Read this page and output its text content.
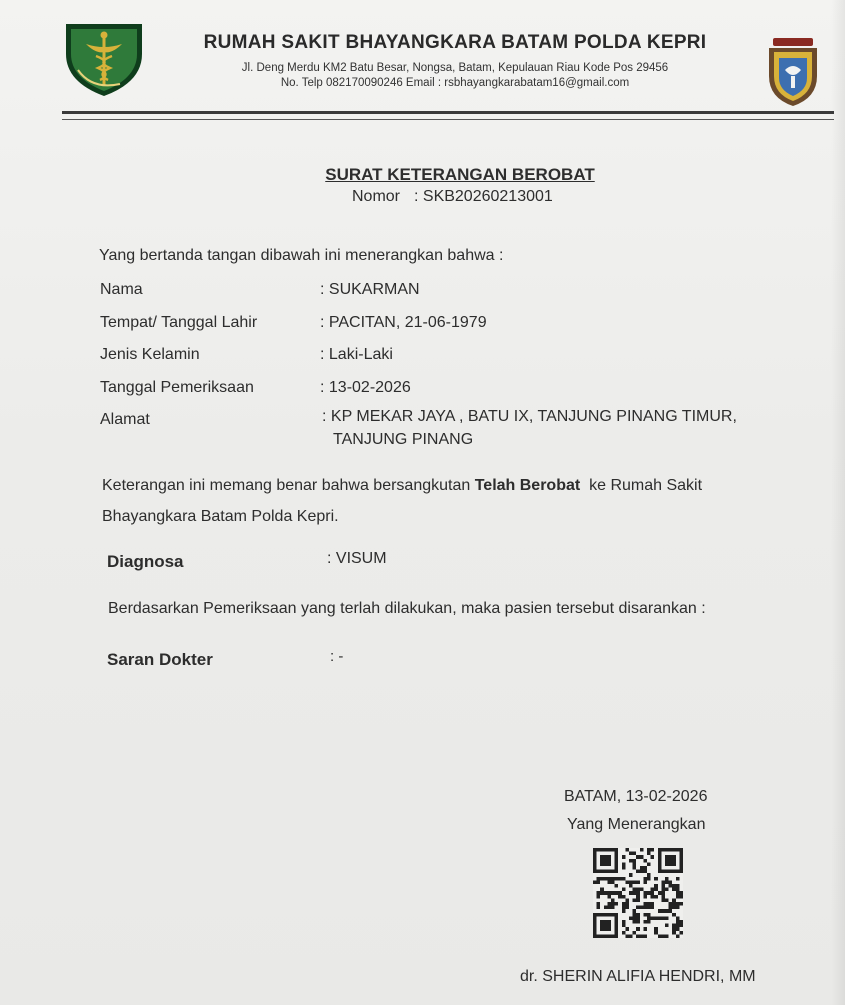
RUMAH SAKIT BHAYANGKARA BATAM POLDA KEPRI
Jl. Deng Merdu KM2 Batu Besar, Nongsa, Batam, Kepulauan Riau Kode Pos 29456
No. Telp 082170090246 Email : rsbhayangkarabatam16@gmail.com
SURAT KETERANGAN BEROBAT
Nomor : SKB20260213001
Yang bertanda tangan dibawah ini menerangkan bahwa :
Nama	: SUKARMAN
Tempat/ Tanggal Lahir	: PACITAN, 21-06-1979
Jenis Kelamin	: Laki-Laki
Tanggal Pemeriksaan	: 13-02-2026
Alamat	: KP MEKAR JAYA , BATU IX, TANJUNG PINANG TIMUR,
TANJUNG PINANG
Keterangan ini memang benar bahwa bersangkutan Telah Berobat  ke Rumah Sakit
Bhayangkara Batam Polda Kepri.
Diagnosa	: VISUM
Berdasarkan Pemeriksaan yang terlah dilakukan, maka pasien tersebut disarankan :
Saran Dokter	: -
BATAM, 13-02-2026
Yang Menerangkan
dr. SHERIN ALIFIA HENDRI, MM
